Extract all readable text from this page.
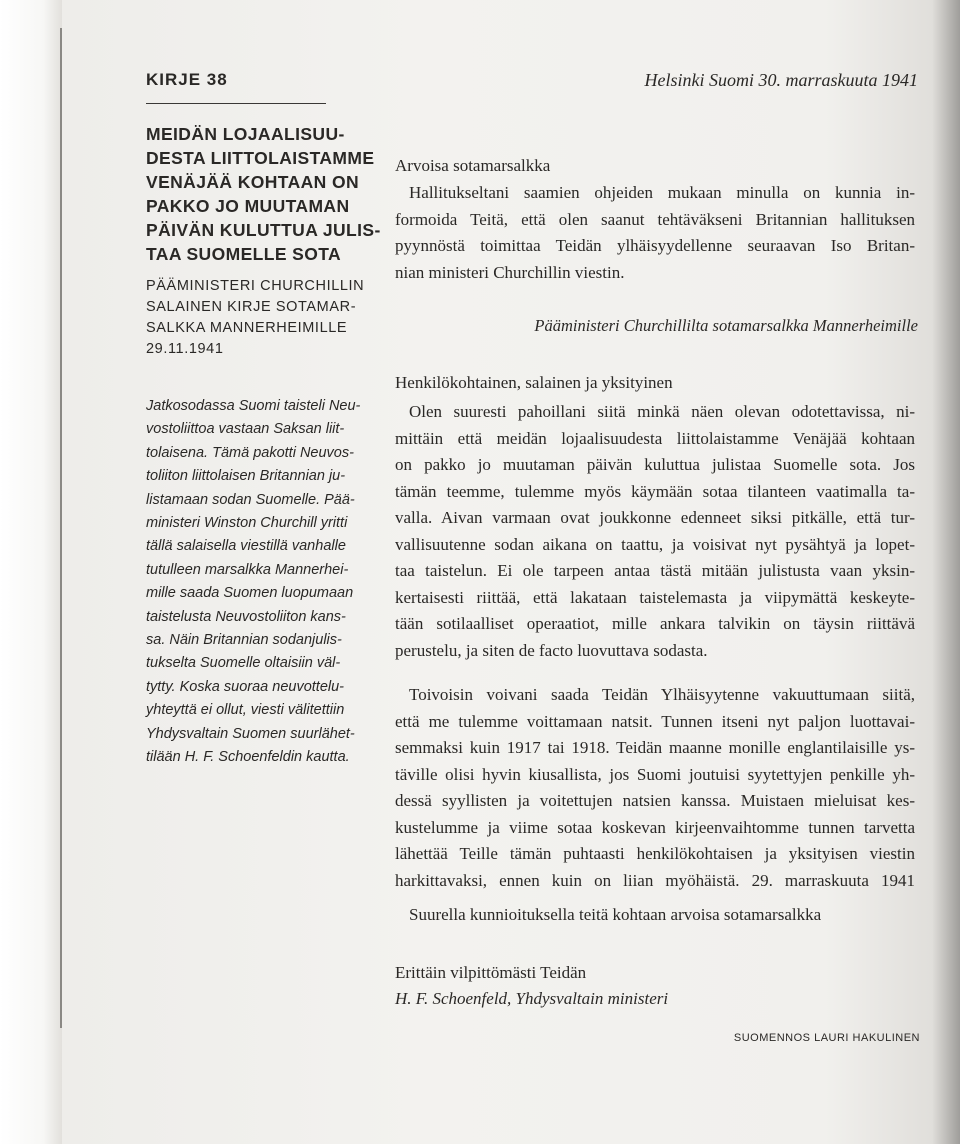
KIRJE 38
MEIDÄN LOJAALISUU-
DESTA LIITTOLAISTAMME
VENÄJÄÄ KOHTAAN ON
PAKKO JO MUUTAMAN
PÄIVÄN KULUTTUA JULIS-
TAA SUOMELLE SOTA
PÄÄMINISTERI CHURCHILLIN
SALAINEN KIRJE SOTAMAR-
SALKKA MANNERHEIMILLE
29.11.1941

Jatkosodassa Suomi taisteli Neu-
vostoliittoa vastaan Saksan liit-
tolaisena. Tämä pakotti Neuvos-
toliiton liittolaisen Britannian ju-
listamaan sodan Suomelle. Pää-
ministeri Winston Churchill yritti
tällä salaisella viestillä vanhalle
tutulleen marsalkka Mannerhei-
mille saada Suomen luopumaan
taistelusta Neuvostoliiton kans-
sa. Näin Britannian sodanjulis-
tukselta Suomelle oltaisiin väl-
tytty. Koska suoraa neuvottelu-
yhteyttä ei ollut, viesti välitettiin
Yhdysvaltain Suomen suurlähet-
tilään H. F. Schoenfeldin kautta.

Helsinki Suomi 30. marraskuuta 1941
Arvoisa sotamarsalkka
Hallitukseltani saamien ohjeiden mukaan minulla on kunnia in-
formoida Teitä, että olen saanut tehtäväkseni Britannian hallituksen
pyynnöstä toimittaa Teidän ylhäisyydellenne seuraavan Iso Britan-
nian ministeri Churchillin viestin.
Pääministeri Churchillilta sotamarsalkka Mannerheimille
Henkilökohtainen, salainen ja yksityinen
Olen suuresti pahoillani siitä minkä näen olevan odotettavissa, ni-
mittäin että meidän lojaalisuudesta liittolaistamme Venäjää kohtaan
on pakko jo muutaman päivän kuluttua julistaa Suomelle sota. Jos
tämän teemme, tulemme myös käymään sotaa tilanteen vaatimalla ta-
valla. Aivan varmaan ovat joukkonne edenneet siksi pitkälle, että tur-
vallisuutenne sodan aikana on taattu, ja voisivat nyt pysähtyä ja lopet-
taa taistelun. Ei ole tarpeen antaa tästä mitään julistusta vaan yksin-
kertaisesti riittää, että lakataan taistelemasta ja viipymättä keskeyte-
tään sotilaalliset operaatiot, mille ankara talvikin on täysin riittävä
perustelu, ja siten de facto luovuttava sodasta.
Toivoisin voivani saada Teidän Ylhäisyytenne vakuuttumaan siitä,
että me tulemme voittamaan natsit. Tunnen itseni nyt paljon luottavai-
semmaksi kuin 1917 tai 1918. Teidän maanne monille englantilaisille ys-
täville olisi hyvin kiusallista, jos Suomi joutuisi syytettyjen penkille yh-
dessä syyllisten ja voitettujen natsien kanssa. Muistaen mieluisat kes-
kustelumme ja viime sotaa koskevan kirjeenvaihtomme tunnen tarvetta
lähettää Teille tämän puhtaasti henkilökohtaisen ja yksityisen viestin
harkittavaksi, ennen kuin on liian myöhäistä. 29. marraskuuta 1941
Suurella kunnioituksella teitä kohtaan arvoisa sotamarsalkka
Erittäin vilpittömästi Teidän
H. F. Schoenfeld, Yhdysvaltain ministeri
SUOMENNOS LAURI HAKULINEN
